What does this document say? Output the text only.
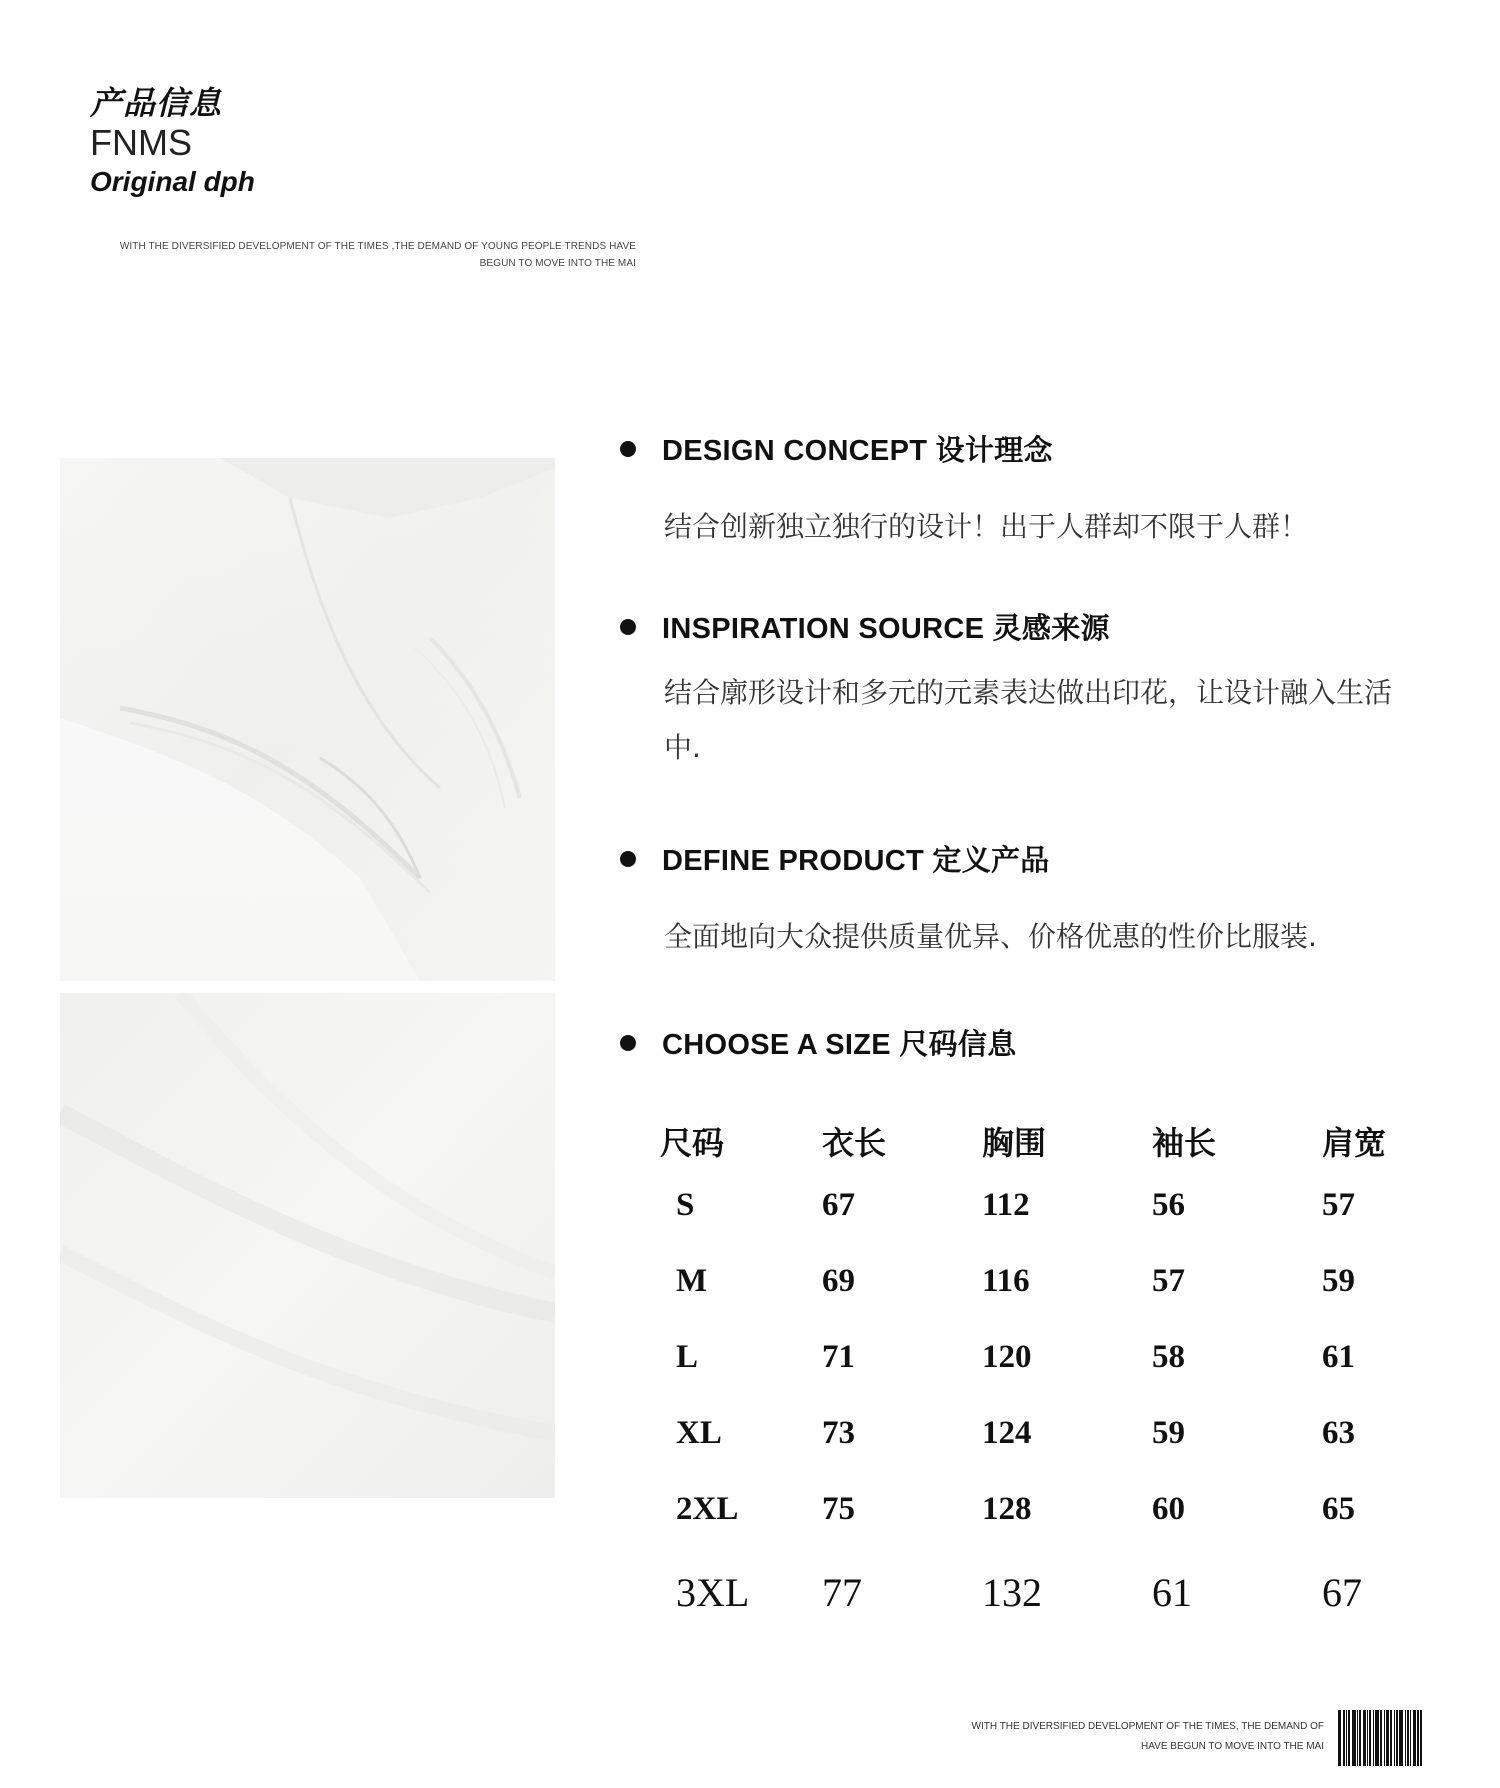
产品信息
FNMS
Original dph
WITH THE DIVERSIFIED DEVELOPMENT OF THE TIMES ,THE DEMAND OF YOUNG PEOPLE TRENDS HAVE
BEGUN TO MOVE INTO THE MAI
DESIGN CONCEPT 设计理念
结合创新独立独行的设计！出于人群却不限于人群！
INSPIRATION SOURCE 灵感来源
结合廓形设计和多元的元素表达做出印花，让设计融入生活中.
DEFINE PRODUCT 定义产品
全面地向大众提供质量优异、价格优惠的性价比服装.
CHOOSE A SIZE 尺码信息
尺码	衣长	胸围	袖长	肩宽
S	67	112	56	57
M	69	116	57	59
L	71	120	58	61
XL	73	124	59	63
2XL	75	128	60	65
3XL	77	132	61	67
WITH THE DIVERSIFIED DEVELOPMENT OF THE TIMES, THE DEMAND OF
HAVE BEGUN TO MOVE INTO THE MAI
